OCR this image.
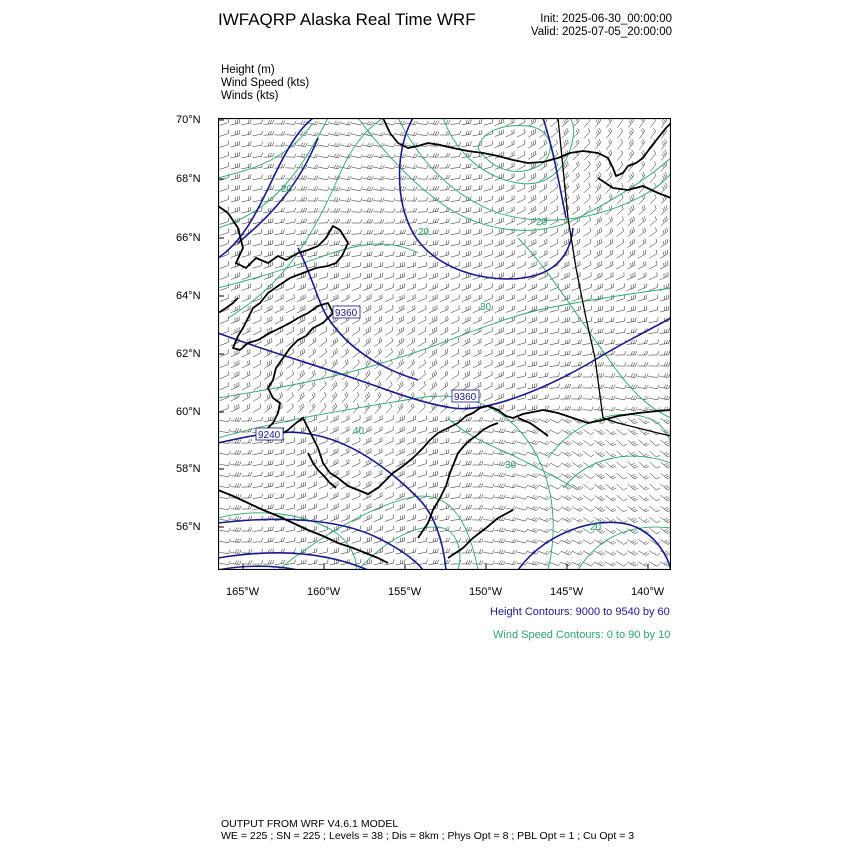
IWFAQRP Alaska Real Time WRF	Init: 2025-06-30_00:00:00
Valid: 2025-07-05_20:00:00
Height (m)
Wind Speed (kts)
Winds (kts)
70°N
68°N
66°N
64°N
62°N
60°N
58°N
56°N
165°W	160°W	155°W	150°W	145°W	140°W
9360
9360
9240
20
20
30
30
40
20
20
Height Contours: 9000 to 9540 by 60
Wind Speed Contours: 0 to 90 by 10
OUTPUT FROM WRF V4.6.1 MODEL
WE = 225 ; SN = 225 ; Levels = 38 ; Dis = 8km ; Phys Opt = 8 ; PBL Opt = 1 ; Cu Opt = 3
